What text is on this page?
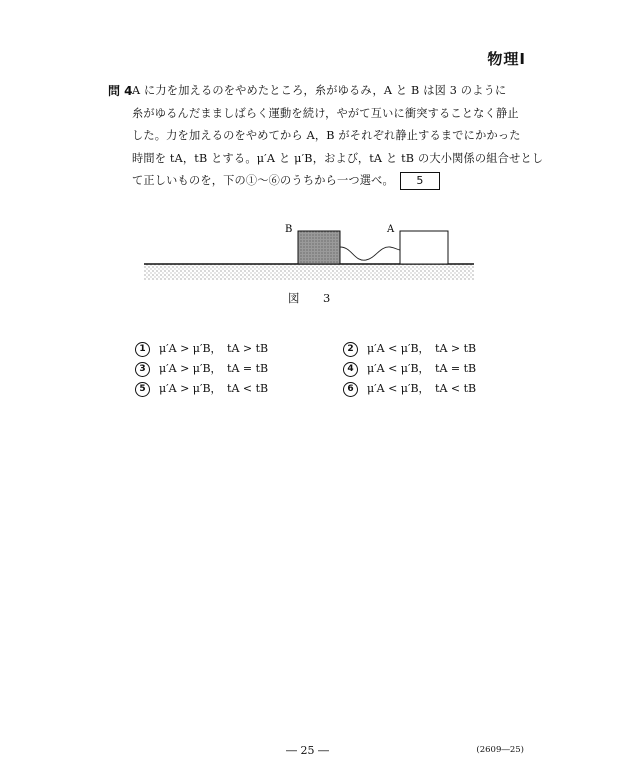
物理Ⅰ
問 4 A に力を加えるのをやめたところ，糸がゆるみ，A と B は図 3 のように
糸がゆるんだまましばらく運動を続け，やがて互いに衝突することなく静止
した。力を加えるのをやめてから A，B がそれぞれ静止するまでにかかった
時間を tA，tB とする。μ′A と μ′B，および，tA と tB の大小関係の組合せとし
て正しいものを，下の①〜⑥のうちから一つ選べ。 5
B	A
図　3
1 μ′A > μ′B，　tA > tB	2 μ′A < μ′B，　tA > tB
3 μ′A > μ′B，　tA = tB	4 μ′A < μ′B，　tA = tB
5 μ′A > μ′B，　tA < tB	6 μ′A < μ′B，　tA < tB
― 25 ―	(2609―25)
